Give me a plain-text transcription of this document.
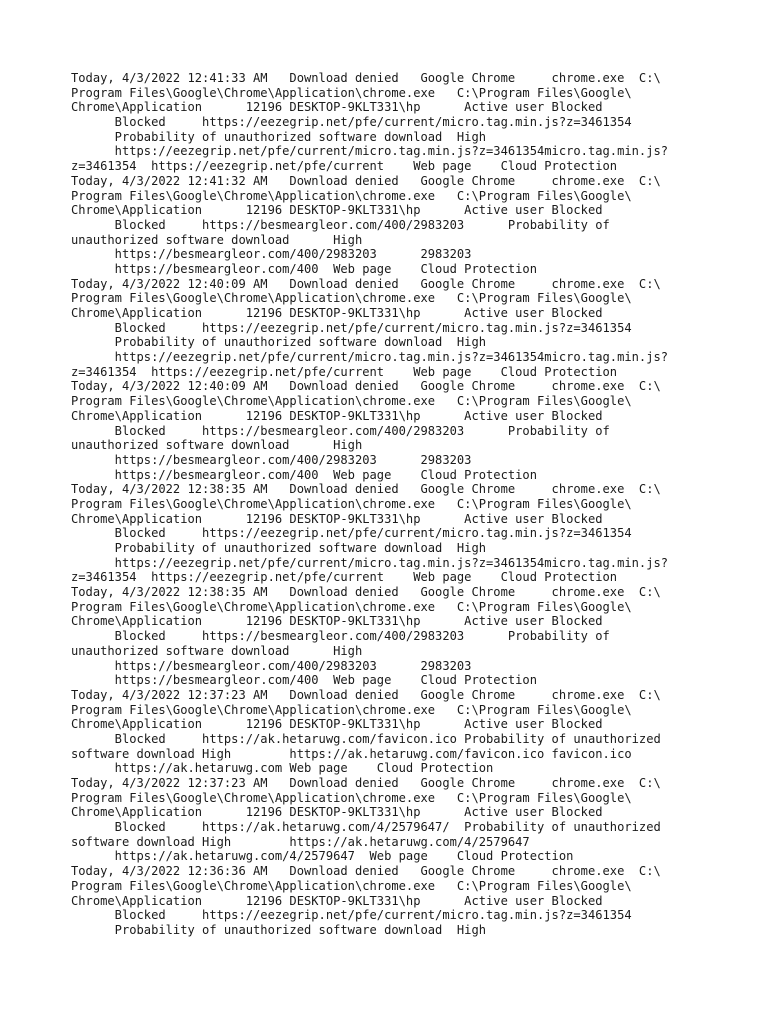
Today, 4/3/2022 12:41:33 AM   Download denied   Google Chrome     chrome.exe  C:\
Program Files\Google\Chrome\Application\chrome.exe   C:\Program Files\Google\
Chrome\Application      12196 DESKTOP-9KLT331\hp      Active user Blocked
Blocked     https://eezegrip.net/pfe/current/micro.tag.min.js?z=3461354
Probability of unauthorized software download  High
https://eezegrip.net/pfe/current/micro.tag.min.js?z=3461354micro.tag.min.js?
z=3461354  https://eezegrip.net/pfe/current    Web page    Cloud Protection
Today, 4/3/2022 12:41:32 AM   Download denied   Google Chrome     chrome.exe  C:\
Program Files\Google\Chrome\Application\chrome.exe   C:\Program Files\Google\
Chrome\Application      12196 DESKTOP-9KLT331\hp      Active user Blocked
Blocked     https://besmeargleor.com/400/2983203      Probability of
unauthorized software download      High
https://besmeargleor.com/400/2983203      2983203
https://besmeargleor.com/400  Web page    Cloud Protection
Today, 4/3/2022 12:40:09 AM   Download denied   Google Chrome     chrome.exe  C:\
Program Files\Google\Chrome\Application\chrome.exe   C:\Program Files\Google\
Chrome\Application      12196 DESKTOP-9KLT331\hp      Active user Blocked
Blocked     https://eezegrip.net/pfe/current/micro.tag.min.js?z=3461354
Probability of unauthorized software download  High
https://eezegrip.net/pfe/current/micro.tag.min.js?z=3461354micro.tag.min.js?
z=3461354  https://eezegrip.net/pfe/current    Web page    Cloud Protection
Today, 4/3/2022 12:40:09 AM   Download denied   Google Chrome     chrome.exe  C:\
Program Files\Google\Chrome\Application\chrome.exe   C:\Program Files\Google\
Chrome\Application      12196 DESKTOP-9KLT331\hp      Active user Blocked
Blocked     https://besmeargleor.com/400/2983203      Probability of
unauthorized software download      High
https://besmeargleor.com/400/2983203      2983203
https://besmeargleor.com/400  Web page    Cloud Protection
Today, 4/3/2022 12:38:35 AM   Download denied   Google Chrome     chrome.exe  C:\
Program Files\Google\Chrome\Application\chrome.exe   C:\Program Files\Google\
Chrome\Application      12196 DESKTOP-9KLT331\hp      Active user Blocked
Blocked     https://eezegrip.net/pfe/current/micro.tag.min.js?z=3461354
Probability of unauthorized software download  High
https://eezegrip.net/pfe/current/micro.tag.min.js?z=3461354micro.tag.min.js?
z=3461354  https://eezegrip.net/pfe/current    Web page    Cloud Protection
Today, 4/3/2022 12:38:35 AM   Download denied   Google Chrome     chrome.exe  C:\
Program Files\Google\Chrome\Application\chrome.exe   C:\Program Files\Google\
Chrome\Application      12196 DESKTOP-9KLT331\hp      Active user Blocked
Blocked     https://besmeargleor.com/400/2983203      Probability of
unauthorized software download      High
https://besmeargleor.com/400/2983203      2983203
https://besmeargleor.com/400  Web page    Cloud Protection
Today, 4/3/2022 12:37:23 AM   Download denied   Google Chrome     chrome.exe  C:\
Program Files\Google\Chrome\Application\chrome.exe   C:\Program Files\Google\
Chrome\Application      12196 DESKTOP-9KLT331\hp      Active user Blocked
Blocked     https://ak.hetaruwg.com/favicon.ico Probability of unauthorized
software download High        https://ak.hetaruwg.com/favicon.ico favicon.ico
https://ak.hetaruwg.com Web page    Cloud Protection
Today, 4/3/2022 12:37:23 AM   Download denied   Google Chrome     chrome.exe  C:\
Program Files\Google\Chrome\Application\chrome.exe   C:\Program Files\Google\
Chrome\Application      12196 DESKTOP-9KLT331\hp      Active user Blocked
Blocked     https://ak.hetaruwg.com/4/2579647/  Probability of unauthorized
software download High        https://ak.hetaruwg.com/4/2579647
https://ak.hetaruwg.com/4/2579647  Web page    Cloud Protection
Today, 4/3/2022 12:36:36 AM   Download denied   Google Chrome     chrome.exe  C:\
Program Files\Google\Chrome\Application\chrome.exe   C:\Program Files\Google\
Chrome\Application      12196 DESKTOP-9KLT331\hp      Active user Blocked
Blocked     https://eezegrip.net/pfe/current/micro.tag.min.js?z=3461354
Probability of unauthorized software download  High
